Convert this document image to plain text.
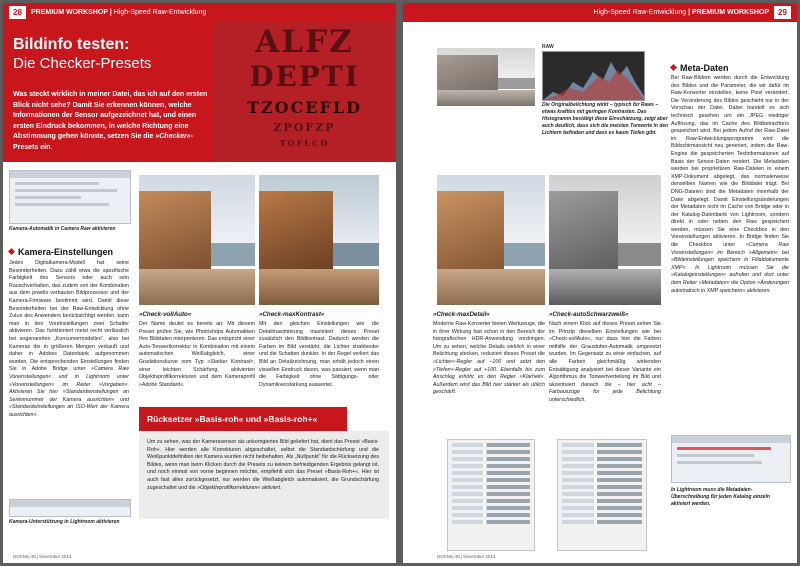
28	PREMIUM WORKSHOP | High-Speed Raw-Entwicklung
ALFZ
DEPTI
TZOCEFLD
ZPOFZP
TOFLCD
Bildinfo testen:
Die Checker-Presets
Was steckt wirklich in meiner Datei, das ich auf den ersten Blick nicht sehe? Damit Sie erkennen können, welche Informationen der Sensor aufgezeichnet hat, und einen ersten Eindruck bekommen, in welche Richtung eine Abstimmung gehen könnte, setzen Sie die »Checker«-Presets ein.
Kamera-Automatik in Camera Raw aktivieren
Kamera-Einstellungen
Jedes Digitalkamera-Modell hat seine Besonderheiten. Dazu zählt etwa die spezifische Farbigkeit des Sensors oder auch sein Rauschverhalten, das zudem von der Kombination aus dem jeweils verbauten Bildprozessor und der Kamera-Firmware bestimmt wird. Damit diese Besonderheiten bei der Raw-Entwicklung ohne Zutun des Anwenders berücksichtigt werden, kann man in den Voreinstellungen zwei Schalter aktivieren. Das funktioniert meist recht verlässlich bei sogenannten „Konsumermodellen“, also bei Kameras die in größeren Mengen verkauft und daher in Adobes Datenbank aufgenommen wurden. Die entsprechenden Einstellungen finden Sie in Adobe Bridge unter »Camera Raw Voreinstellungen« und in Lightroom unter »Voreinstellungen« im Reiter »Vorgaben«. Aktivieren Sie hier »Standardeinstellungen an Seriennummer der Kamera ausrichten« und »Standardeinstellungen an ISO-Wert der Kamera ausrichten«.
Kamera-Unterstützung in Lightroom aktivieren
»Check-vollAuto«
Der Name deutet es bereits an: Mit diesem Preset prüfen Sie, wie Photoshops Automatiken Ihre Bilddaten interpretieren. Das entspricht einer Auto-Tonwertkorrektur in Kombination mit einem automatischen Weißabgleich, einer Gradationskurve vom Typ »Starker Kontrast«, einer leichten Schärfung, aktivierten Objektivprofilkorrekturen und dem Kameraprofil »Adobe Standard«.
»Check-maxKontrast«
Mit den gleichen Einstellungen wie die Detailmaximierung maximiert dieses Preset zusätzlich den Bildkontrast. Dadurch werden die Farben im Bild verstärkt, die Lichter strahlender und die Schatten dunkler. In der Regel verliert das Bild an Detailzeichnung, man erhält jedoch einen visuellen Eindruck davon, was passiert, wenn man die Farbigkeit ohne Sättigungs- oder Dynamikverstärkung auswertet.
Rücksetzer »Basis-roh« und »Basis-roh+«
Um zu sehen, was der Kamerasensor als unkorrigiertes Bild geliefert hat, dient das Preset »Basis-Roh«. Hier werden alle Korrekturen abgeschaltet, selbst die Standardschärfung und die Weißpunktdefinition der Kamera wurden nicht beibehalten. Als „Nullpunkt“ für die Rücksetzung des Bildes, wenn man beim Klicken durch die Presets zu keinem befriedigenden Ergebnis gelangt ist, und noch einmal von vorne beginnen möchte, empfiehlt sich das Preset »Basis-Roh+«. Hier ist auch fast alles zurückgesetzt, nur werden die Weißabgleich automatisiert, die Grundschärfung zugeschaltet und die »Objektivprofilkorrekturen« aktiviert.
DOCMA 40 | November 2012
High-Speed Raw-Entwicklung | PREMIUM WORKSHOP	29
RAW
Die Originalbelichtung wirkt – typisch für Raws – etwas kraftlos mit geringen Kontrasten. Das Histogramm bestätigt diese Einschätzung, zeigt aber auch deutlich, dass sich die meisten Tonwerte in den Lichtern befinden und dass es kaum Tiefen gibt.
»Check-maxDetail«
Moderne Raw-Konverter bieten Werkzeuge, die in ihrer Wirkung fast schon in den Bereich der fotografischen HDR-Anwendung vordringen. Um zu sehen, welche Details wirklich in einer Belichtung stecken, reduziert dieses Preset die »Lichter«-Regler auf –100 und setzt den »Tiefen«-Regler auf +100. Ebenfalls bis zum Anschlag erhöht es den Regler »Klarheit«. Außerdem wird das Bild hier stärker als üblich geschärft.
»Check-autoSchwarzweiß«
Nach einem Klick auf dieses Preset sehen Sie im Prinzip dieselben Einstellungen wie bei »Check-vollAuto«, nur dass hier die Farben mithilfe der Graustufen-Automatik umgesetzt wurden. Im Gegensatz zu einer einfachen, auf alle Farben gleichmäßig wirkenden Entsättigung analysiert bei dieser Variante ein Algorithmus die Tonwertverteilung im Bild und akzentuiert danach die – hier acht – Farbauszüge für jede Belichtung unterschiedlich.
Meta-Daten
Bei Raw-Bildern werden durch die Entwicklung des Bildes und die Parameter, die wir dafür im Raw-Konverter einstellen, keine Pixel verändert. Die Veränderung des Bildes geschieht nur in der Vorschau der Datei. Dabei handelt es sich technisch gesehen um ein JPEG niedriger Auflösung, das im Cache des Bildbetrachters gespeichert wird. Bei jedem Aufruf der Raw-Datei im Raw-Entwicklungsprogramm wird die Bildschirmansicht neu generiert, indem die Raw-Engine die gespeicherten Textinformationen auf Basis der Sensor-Daten rendert. Die Metadaten werden bei proprietären Raw-Dateien in einem XMP-Dokument abgelegt, das normalerweise denselben Namen wie die Bilddatei trägt. Bei DNG-Dateien sind die Metadaten innerhalb der Datei abgelegt. Damit Einstellungsänderungen der Metadaten nicht im Cache von Bridge oder in der Katalog-Datenbank von Lightroom, sondern direkt in oder neben den Raw gespeichert werden, müssen Sie eine Checkbox in den Voreinstellungen aktivieren. In Bridge finden Sie die Checkbox unter »Camera Raw Voreinstellungen« im Bereich »Allgemein« bei »Bildeinstellungen speichern in Filialdokumente XMP«. In Lightroom müssen Sie die »Katalogeinstellungen« aufrufen und dort unter dem Reiter »Metadaten« die Option »Änderungen automatisch in XMP speichern« aktivieren.
In Lightroom muss die Metadaten-Überschreibung für jeden Katalog einzeln aktiviert werden.
DOCMA 40 | November 2012
